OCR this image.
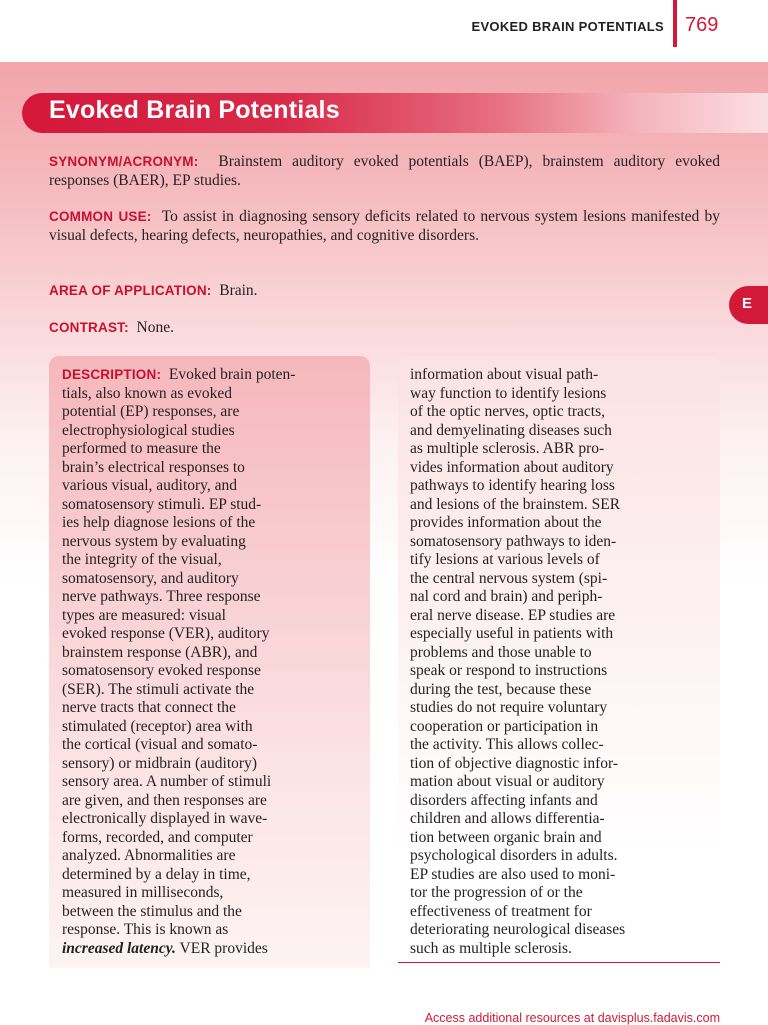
EVOKED BRAIN POTENTIALS 769
Evoked Brain Potentials
SYNONYM/ACRONYM: Brainstem auditory evoked potentials (BAEP), brainstem auditory evoked responses (BAER), EP studies.
COMMON USE: To assist in diagnosing sensory deficits related to nervous system lesions manifested by visual defects, hearing defects, neuropathies, and cognitive disorders.
AREA OF APPLICATION: Brain.
CONTRAST: None.
E
DESCRIPTION: Evoked brain poten-
tials, also known as evoked
potential (EP) responses, are
electrophysiological studies
performed to measure the
brain’s electrical responses to
various visual, auditory, and
somatosensory stimuli. EP stud-
ies help diagnose lesions of the
nervous system by evaluating
the integrity of the visual,
somatosensory, and auditory
nerve pathways. Three response
types are measured: visual
evoked response (VER), auditory
brainstem response (ABR), and
somatosensory evoked response
(SER). The stimuli activate the
nerve tracts that connect the
stimulated (receptor) area with
the cortical (visual and somato-
sensory) or midbrain (auditory)
sensory area. A number of stimuli
are given, and then responses are
electronically displayed in wave-
forms, recorded, and computer
analyzed. Abnormalities are
determined by a delay in time,
measured in milliseconds,
between the stimulus and the
response. This is known as
increased latency. VER provides
information about visual path-
way function to identify lesions
of the optic nerves, optic tracts,
and demyelinating diseases such
as multiple sclerosis. ABR pro-
vides information about auditory
pathways to identify hearing loss
and lesions of the brainstem. SER
provides information about the
somatosensory pathways to iden-
tify lesions at various levels of
the central nervous system (spi-
nal cord and brain) and periph-
eral nerve disease. EP studies are
especially useful in patients with
problems and those unable to
speak or respond to instructions
during the test, because these
studies do not require voluntary
cooperation or participation in
the activity. This allows collec-
tion of objective diagnostic infor-
mation about visual or auditory
disorders affecting infants and
children and allows differentia-
tion between organic brain and
psychological disorders in adults.
EP studies are also used to moni-
tor the progression of or the
effectiveness of treatment for
deteriorating neurological diseases
such as multiple sclerosis.
Access additional resources at davisplus.fadavis.com
